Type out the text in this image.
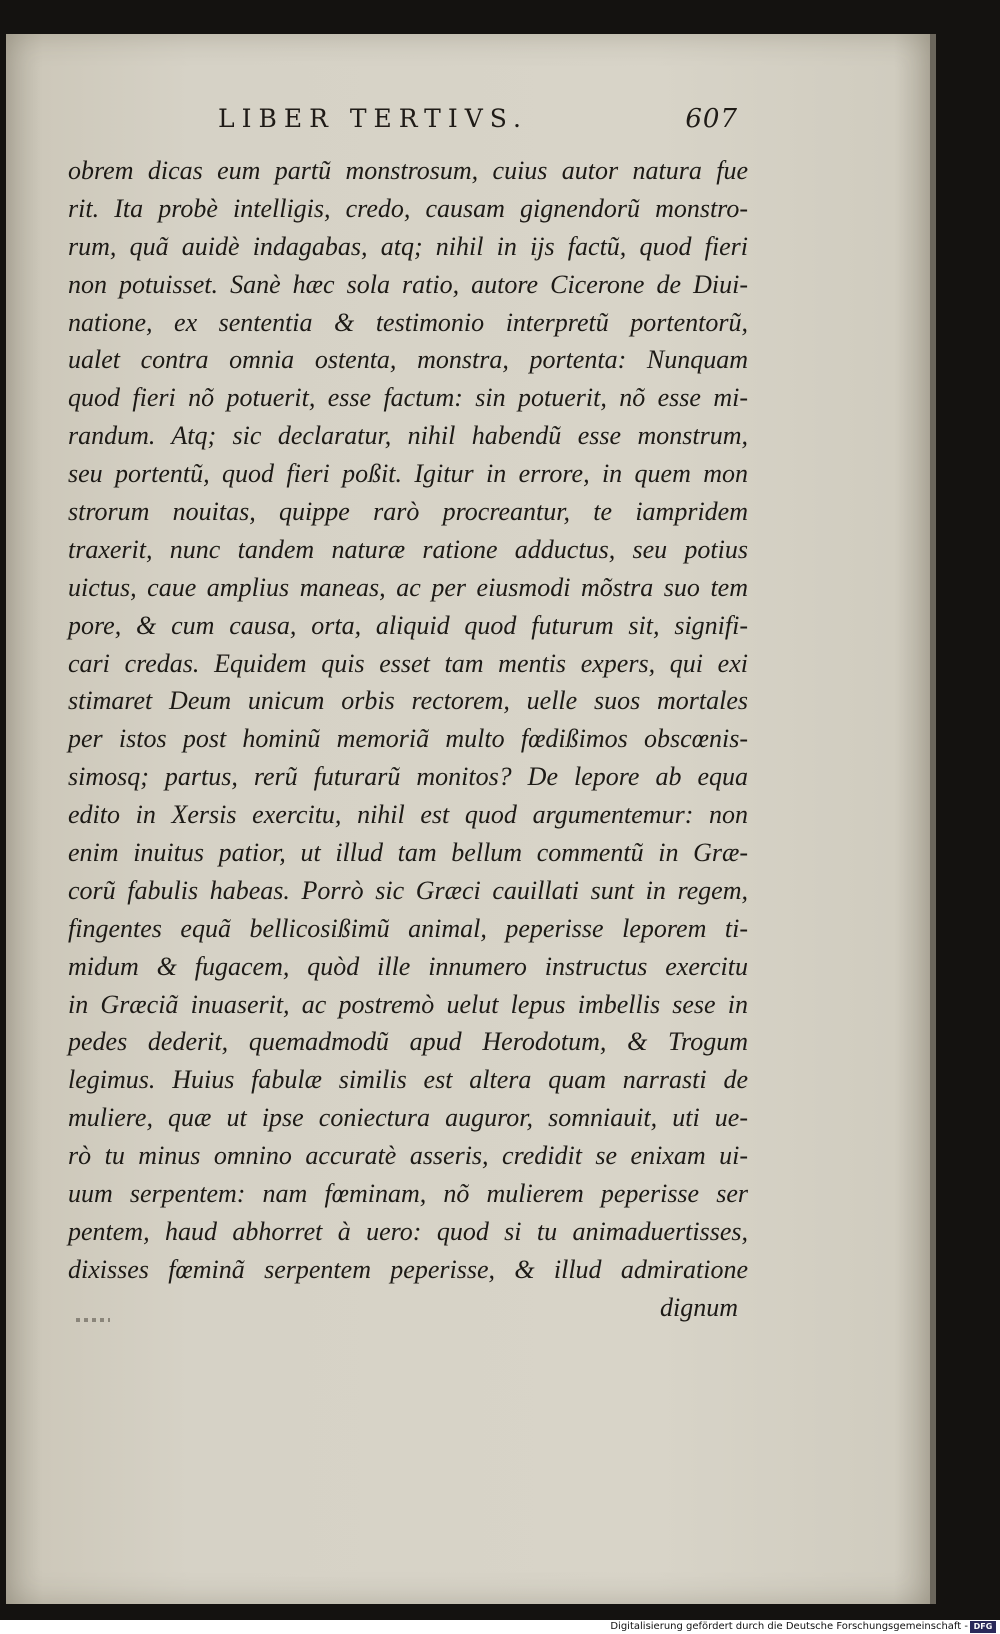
LIBER TERTIVS.	607
obrem dicas eum partũ monstrosum, cuius autor natura fue
rit. Ita probè intelligis, credo, causam gignendorũ monstro-
rum, quã auidè indagabas, atq; nihil in ijs factũ, quod fieri
non potuisset. Sanè hæc sola ratio, autore Cicerone de Diui-
natione, ex sententia & testimonio interpretũ portentorũ,
ualet contra omnia ostenta, monstra, portenta: Nunquam
quod fieri nõ potuerit, esse factum: sin potuerit, nõ esse mi-
randum. Atq; sic declaratur, nihil habendũ esse monstrum,
seu portentũ, quod fieri poßit. Igitur in errore, in quem mon
strorum nouitas, quippe rarò procreantur, te iampridem
traxerit, nunc tandem naturæ ratione adductus, seu potius
uictus, caue amplius maneas, ac per eiusmodi mõstra suo tem
pore, & cum causa, orta, aliquid quod futurum sit, signifi-
cari credas. Equidem quis esset tam mentis expers, qui exi
stimaret Deum unicum orbis rectorem, uelle suos mortales
per istos post hominũ memoriã multo fœdißimos obscœnis-
simosq; partus, rerũ futurarũ monitos? De lepore ab equa
edito in Xersis exercitu, nihil est quod argumentemur: non
enim inuitus patior, ut illud tam bellum commentũ in Græ-
corũ fabulis habeas. Porrò sic Græci cauillati sunt in regem,
fingentes equã bellicosißimũ animal, peperisse leporem ti-
midum & fugacem, quòd ille innumero instructus exercitu
in Græciã inuaserit, ac postremò uelut lepus imbellis sese in
pedes dederit, quemadmodũ apud Herodotum, & Trogum
legimus. Huius fabulæ similis est altera quam narrasti de
muliere, quæ ut ipse coniectura auguror, somniauit, uti ue-
rò tu minus omnino accuratè asseris, credidit se enixam ui-
uum serpentem: nam fœminam, nõ mulierem peperisse ser
pentem, haud abhorret à uero: quod si tu animaduertisses,
dixisses fœminã serpentem peperisse, & illud admiratione
dignum
Digitalisierung gefördert durch die Deutsche Forschungsgemeinschaft - DFG
